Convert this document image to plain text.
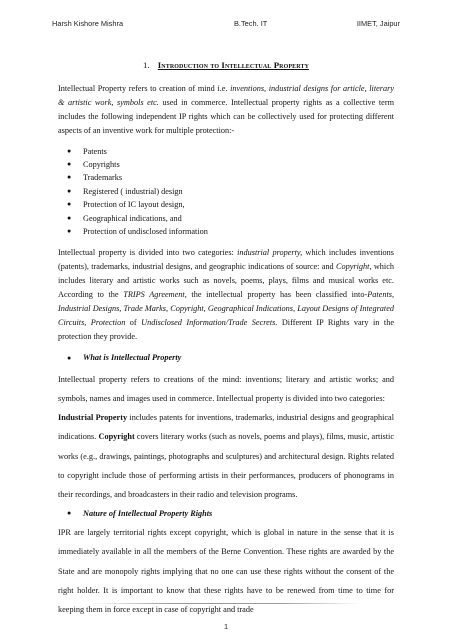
Harsh Kishore Mishra	B.Tech. IT	IIMET, Jaipur
1. Introduction to Intellectual Property

Intellectual Property refers to creation of mind i.e. inventions, industrial designs for article, literary & artistic work, symbols etc. used in commerce. Intellectual property rights as a collective term includes the following independent IP rights which can be collectively used for protecting different aspects of an inventive work for multiple protection:-

● Patents
● Copyrights
● Trademarks
● Registered ( industrial) design
● Protection of IC layout design,
● Geographical indications, and
● Protection of undisclosed information

Intellectual property is divided into two categories: industrial property, which includes inventions (patents), trademarks, industrial designs, and geographic indications of source: and Copyright, which includes literary and artistic works such as novels, poems, plays, films and musical works etc. According to the TRIPS Agreement, the intellectual property has been classified into-Patents, Industrial Designs, Trade Marks, Copyright, Geographical Indications, Layout Designs of Integrated Circuits, Protection of Undisclosed Information/Trade Secrets. Different IP Rights vary in the protection they provide.

● What is Intellectual Property

Intellectual property refers to creations of the mind: inventions; literary and artistic works; and symbols, names and images used in commerce. Intellectual property is divided into two categories:

Industrial Property includes patents for inventions, trademarks, industrial designs and geographical indications. Copyright covers literary works (such as novels, poems and plays), films, music, artistic works (e.g., drawings, paintings, photographs and sculptures) and architectural design. Rights related to copyright include those of performing artists in their performances, producers of phonograms in their recordings, and broadcasters in their radio and television programs.

● Nature of Intellectual Property Rights

IPR are largely territorial rights except copyright, which is global in nature in the sense that it is immediately available in all the members of the Berne Convention. These rights are awarded by the State and are monopoly rights implying that no one can use these rights without the consent of the right holder. It is important to know that these rights have to be renewed from time to time for keeping them in force except in case of copyright and trade

1
